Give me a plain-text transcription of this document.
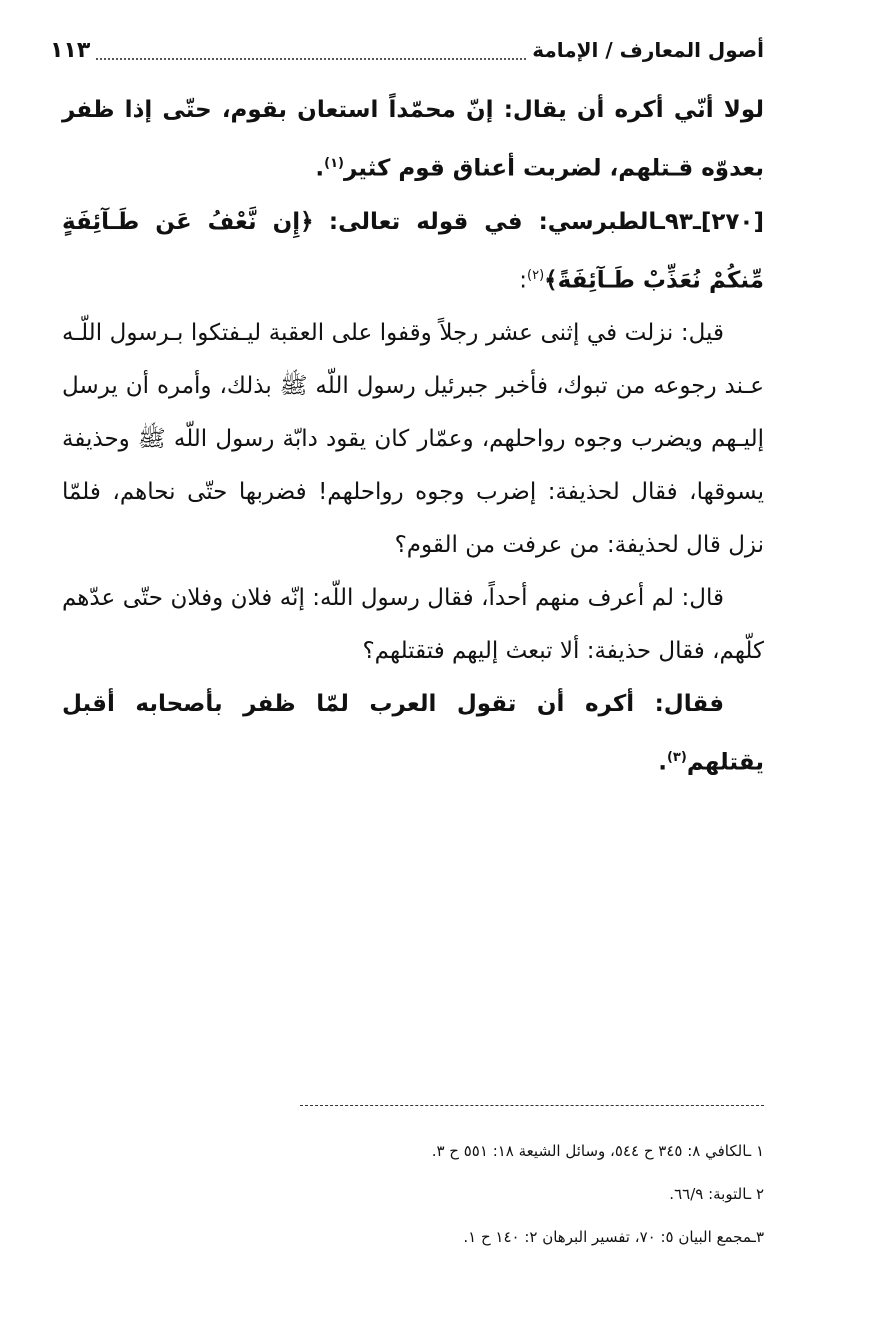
أصول المعارف / الإمامة
١١٣

لولا أنّي أكره أن يقال: إنّ محمّداً استعان بقوم، حتّى إذا ظفر بعدوّه قـتلهم، لضربت أعناق قوم كثير$^{(١)}$.

[٢٧٠]ـ٩٣ـالطبرسي: في قوله تعالى: ﴿إِن نَّعْفُ عَن طَـآئِفَةٍ مِّنكُمْ نُعَذِّبْ طَـآئِفَةً﴾$^{(٢)}$:

قيل: نزلت في إثنى عشر رجلاً وقفوا على العقبة ليـفتكوا بـرسول اللّـه عـند رجوعه من تبوك، فأخبر جبرئيل رسول اللّه ﷺ بذلك، وأمره أن يرسل إليـهم ويضرب وجوه رواحلهم، وعمّار كان يقود دابّة رسول اللّه ﷺ وحذيفة يسوقها، فقال لحذيفة: إضرب وجوه رواحلهم! فضربها حتّى نحاهم، فلمّا نزل قال لحذيفة: من عرفت من القوم؟

قال: لم أعرف منهم أحداً، فقال رسول اللّه: إنّه فلان وفلان حتّى عدّهم كلّهم، فقال حذيفة: ألا تبعث إليهم فتقتلهم؟

فقال: أكره أن تقول العرب لمّا ظفر بأصحابه أقبل يقتلهم$^{(٣)}$.

١ ـالكافي ٨: ٣٤٥ ح ٥٤٤، وسائل الشيعة ١٨: ٥٥١ ح ٣.

٢ ـالتوبة: ٦٦/٩.

٣ـمجمع البيان ٥: ٧٠، تفسير البرهان ٢: ١٤٠ ح ١.
